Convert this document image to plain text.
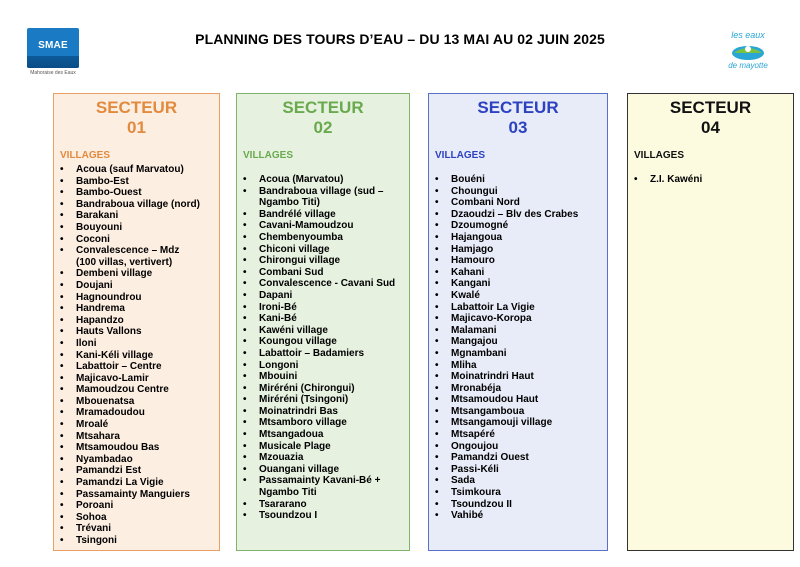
SMAE
Mahoraise des Eaux
les eaux
de mayotte
PLANNING DES TOURS D’EAU – DU 13 MAI AU 02 JUIN 2025
SECTEUR
01
VILLAGES
• Acoua (sauf Marvatou)
• Bambo-Est
• Bambo-Ouest
• Bandraboua village (nord)
• Barakani
• Bouyouni
• Coconi
• Convalescence – Mdz
(100 villas, vertivert)
• Dembeni village
• Doujani
• Hagnoundrou
• Handrema
• Hapandzo
• Hauts Vallons
• Iloni
• Kani-Kéli village
• Labattoir – Centre
• Majicavo-Lamir
• Mamoudzou Centre
• Mbouenatsa
• Mramadoudou
• Mroalé
• Mtsahara
• Mtsamoudou Bas
• Nyambadao
• Pamandzi Est
• Pamandzi La Vigie
• Passamainty Manguiers
• Poroani
• Sohoa
• Trévani
• Tsingoni
SECTEUR
02
VILLAGES
• Acoua (Marvatou)
• Bandraboua village (sud –
Ngambo Titi)
• Bandrélé village
• Cavani-Mamoudzou
• Chembenyoumba
• Chiconi village
• Chirongui village
• Combani Sud
• Convalescence - Cavani Sud
• Dapani
• Ironi-Bé
• Kani-Bé
• Kawéni village
• Koungou village
• Labattoir – Badamiers
• Longoni
• Mbouini
• Miréréni (Chirongui)
• Miréréni (Tsingoni)
• Moinatrindri Bas
• Mtsamboro village
• Mtsangadoua
• Musicale Plage
• Mzouazia
• Ouangani village
• Passamainty Kavani-Bé +
Ngambo Titi
• Tsararano
• Tsoundzou I
SECTEUR
03
VILLAGES
• Bouéni
• Choungui
• Combani Nord
• Dzaoudzi – Blv des Crabes
• Dzoumogné
• Hajangoua
• Hamjago
• Hamouro
• Kahani
• Kangani
• Kwalé
• Labattoir La Vigie
• Majicavo-Koropa
• Malamani
• Mangajou
• Mgnambani
• Mliha
• Moinatrindri Haut
• Mronabéja
• Mtsamoudou Haut
• Mtsangamboua
• Mtsangamouji village
• Mtsapéré
• Ongoujou
• Pamandzi Ouest
• Passi-Kéli
• Sada
• Tsimkoura
• Tsoundzou II
• Vahibé
SECTEUR
04
VILLAGES
• Z.I. Kawéni
